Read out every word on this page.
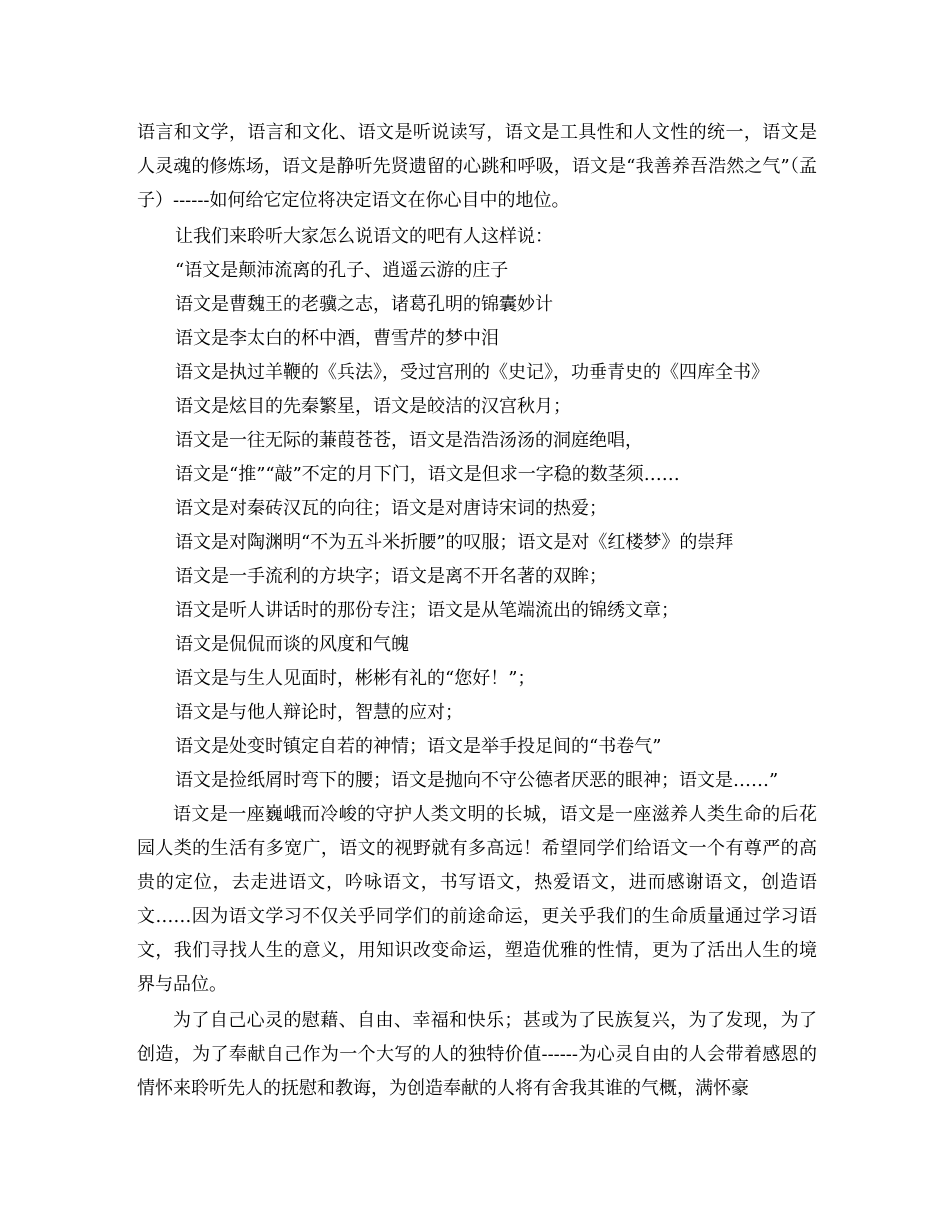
语言和文学，语言和文化、语文是听说读写，语文是工具性和人文性的统一，语文是人灵魂的修炼场，语文是静听先贤遗留的心跳和呼吸，语文是“我善养吾浩然之气”（孟子）------如何给它定位将决定语文在你心目中的地位。

让我们来聆听大家怎么说语文的吧有人这样说：

“语文是颠沛流离的孔子、逍遥云游的庄子

语文是曹魏王的老骥之志，诸葛孔明的锦囊妙计

语文是李太白的杯中酒，曹雪芹的梦中泪

语文是执过羊鞭的《兵法》，受过宫刑的《史记》，功垂青史的《四库全书》

语文是炫目的先秦繁星，语文是皎洁的汉宫秋月；

语文是一往无际的蒹葭苍苍，语文是浩浩汤汤的洞庭绝唱，

语文是“推”“敲”不定的月下门，语文是但求一字稳的数茎须……

语文是对秦砖汉瓦的向往；语文是对唐诗宋词的热爱；

语文是对陶渊明“不为五斗米折腰”的叹服；语文是对《红楼梦》的崇拜

语文是一手流利的方块字；语文是离不开名著的双眸；

语文是听人讲话时的那份专注；语文是从笔端流出的锦绣文章；

语文是侃侃而谈的风度和气魄

语文是与生人见面时，彬彬有礼的“您好！”；

语文是与他人辩论时，智慧的应对；

语文是处变时镇定自若的神情；语文是举手投足间的“书卷气”

语文是捡纸屑时弯下的腰；语文是抛向不守公德者厌恶的眼神；语文是……”

语文是一座巍峨而冷峻的守护人类文明的长城，语文是一座滋养人类生命的后花园人类的生活有多宽广，语文的视野就有多高远！希望同学们给语文一个有尊严的高贵的定位，去走进语文，吟咏语文，书写语文，热爱语文，进而感谢语文，创造语文……因为语文学习不仅关乎同学们的前途命运，更关乎我们的生命质量通过学习语文，我们寻找人生的意义，用知识改变命运，塑造优雅的性情，更为了活出人生的境界与品位。

为了自己心灵的慰藉、自由、幸福和快乐；甚或为了民族复兴，为了发现，为了创造，为了奉献自己作为一个大写的人的独特价值------为心灵自由的人会带着感恩的情怀来聆听先人的抚慰和教诲，为创造奉献的人将有舍我其谁的气概，满怀豪
